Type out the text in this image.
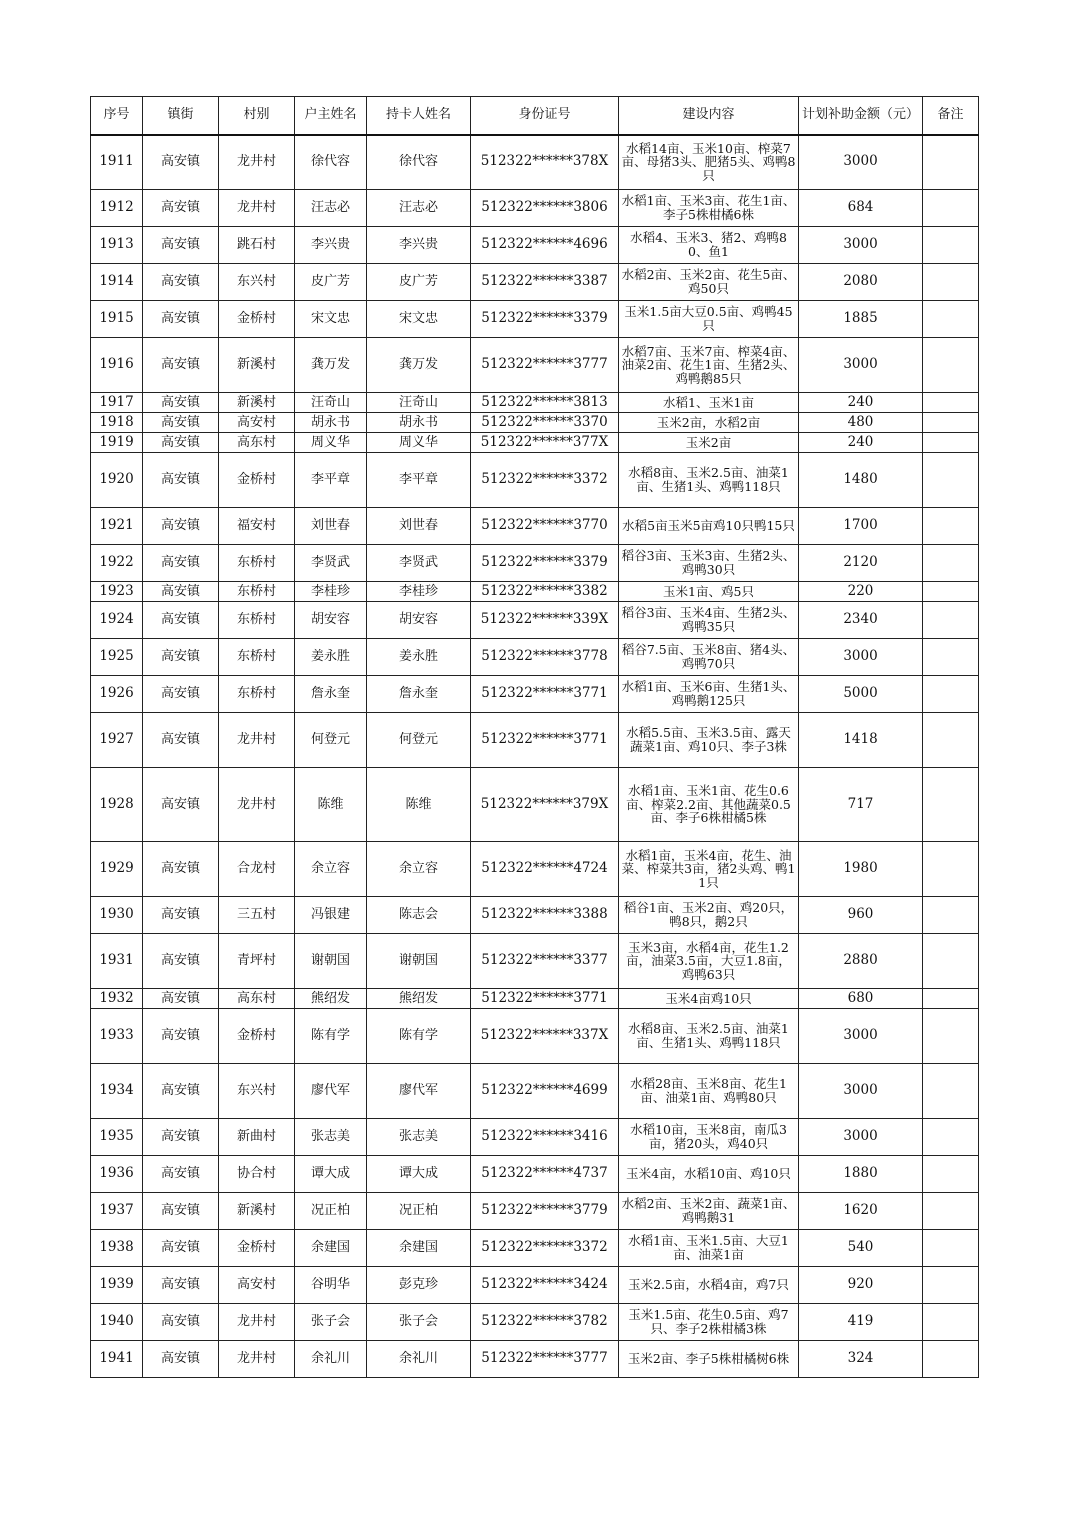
序号	镇街	村别	户主姓名	持卡人姓名	身份证号	建设内容	计划补助金额（元）	备注
1911	高安镇	龙井村	徐代容	徐代容	512322******378X	水稻14亩、玉米10亩、榨菜7亩、母猪3头、肥猪5头、鸡鸭8只	3000	
1912	高安镇	龙井村	汪志必	汪志必	512322******3806	水稻1亩、玉米3亩、花生1亩、李子5株柑橘6株	684	
1913	高安镇	跳石村	李兴贵	李兴贵	512322******4696	水稻4、玉米3、猪2、鸡鸭80、鱼1	3000	
1914	高安镇	东兴村	皮广芳	皮广芳	512322******3387	水稻2亩、玉米2亩、花生5亩、鸡50只	2080	
1915	高安镇	金桥村	宋文忠	宋文忠	512322******3379	玉米1.5亩大豆0.5亩、鸡鸭45只	1885	
1916	高安镇	新溪村	龚万发	龚万发	512322******3777	水稻7亩、玉米7亩、榨菜4亩、油菜2亩、花生1亩、生猪2头、鸡鸭鹅85只	3000	
1917	高安镇	新溪村	汪奇山	汪奇山	512322******3813	水稻1、玉米1亩	240	
1918	高安镇	高安村	胡永书	胡永书	512322******3370	玉米2亩，水稻2亩	480	
1919	高安镇	高东村	周义华	周义华	512322******377X	玉米2亩	240	
1920	高安镇	金桥村	李平章	李平章	512322******3372	水稻8亩、玉米2.5亩、油菜1亩、生猪1头、鸡鸭118只	1480	
1921	高安镇	福安村	刘世春	刘世春	512322******3770	水稻5亩玉米5亩鸡10只鸭15只	1700	
1922	高安镇	东桥村	李贤武	李贤武	512322******3379	稻谷3亩、玉米3亩、生猪2头、鸡鸭30只	2120	
1923	高安镇	东桥村	李桂珍	李桂珍	512322******3382	玉米1亩、鸡5只	220	
1924	高安镇	东桥村	胡安容	胡安容	512322******339X	稻谷3亩、玉米4亩、生猪2头、鸡鸭35只	2340	
1925	高安镇	东桥村	姜永胜	姜永胜	512322******3778	稻谷7.5亩、玉米8亩、猪4头、鸡鸭70只	3000	
1926	高安镇	东桥村	詹永奎	詹永奎	512322******3771	水稻1亩、玉米6亩、生猪1头、鸡鸭鹅125只	5000	
1927	高安镇	龙井村	何登元	何登元	512322******3771	水稻5.5亩、玉米3.5亩、露天蔬菜1亩、鸡10只、李子3株	1418	
1928	高安镇	龙井村	陈维	陈维	512322******379X	水稻1亩、玉米1亩、花生0.6亩、榨菜2.2亩、其他蔬菜0.5亩、李子6株柑橘5株	717	
1929	高安镇	合龙村	余立容	余立容	512322******4724	水稻1亩，玉米4亩，花生、油菜、榨菜共3亩，猪2头鸡、鸭11只	1980	
1930	高安镇	三五村	冯银建	陈志会	512322******3388	稻谷1亩、玉米2亩、鸡20只，鸭8只，鹅2只	960	
1931	高安镇	青坪村	谢朝国	谢朝国	512322******3377	玉米3亩，水稻4亩，花生1.2亩，油菜3.5亩，大豆1.8亩，鸡鸭63只	2880	
1932	高安镇	高东村	熊绍发	熊绍发	512322******3771	玉米4亩鸡10只	680	
1933	高安镇	金桥村	陈有学	陈有学	512322******337X	水稻8亩、玉米2.5亩、油菜1亩、生猪1头、鸡鸭118只	3000	
1934	高安镇	东兴村	廖代军	廖代军	512322******4699	水稻28亩、玉米8亩、花生1亩、油菜1亩、鸡鸭80只	3000	
1935	高安镇	新曲村	张志美	张志美	512322******3416	水稻10亩，玉米8亩，南瓜3亩，猪20头，鸡40只	3000	
1936	高安镇	协合村	谭大成	谭大成	512322******4737	玉米4亩，水稻10亩、鸡10只	1880	
1937	高安镇	新溪村	况正柏	况正柏	512322******3779	水稻2亩、玉米2亩、蔬菜1亩、鸡鸭鹅31	1620	
1938	高安镇	金桥村	余建国	余建国	512322******3372	水稻1亩、玉米1.5亩、大豆1亩、油菜1亩	540	
1939	高安镇	高安村	谷明华	彭克珍	512322******3424	玉米2.5亩，水稻4亩，鸡7只	920	
1940	高安镇	龙井村	张子会	张子会	512322******3782	玉米1.5亩、花生0.5亩、鸡7只、李子2株柑橘3株	419	
1941	高安镇	龙井村	余礼川	余礼川	512322******3777	玉米2亩、李子5株柑橘树6株	324	
